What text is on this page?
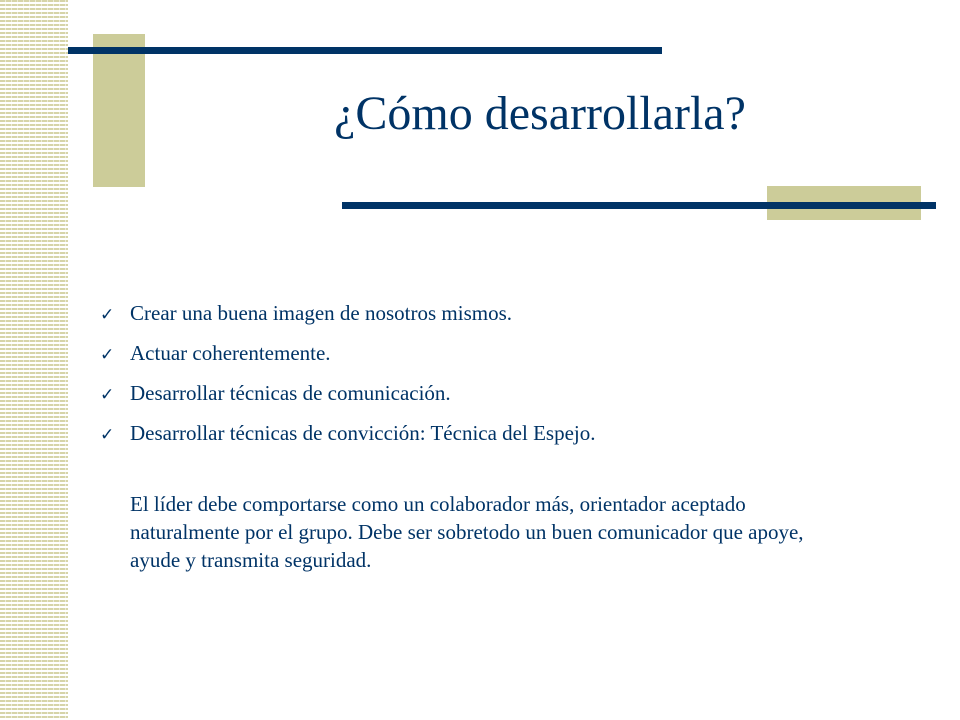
¿Cómo desarrollarla?
✓ Crear una buena imagen de nosotros mismos.
✓ Actuar coherentemente.
✓ Desarrollar técnicas de comunicación.
✓ Desarrollar técnicas de convicción: Técnica del Espejo.

El líder debe comportarse como un colaborador más, orientador aceptado naturalmente por el grupo. Debe ser sobretodo un buen comunicador que apoye, ayude y transmita seguridad.
